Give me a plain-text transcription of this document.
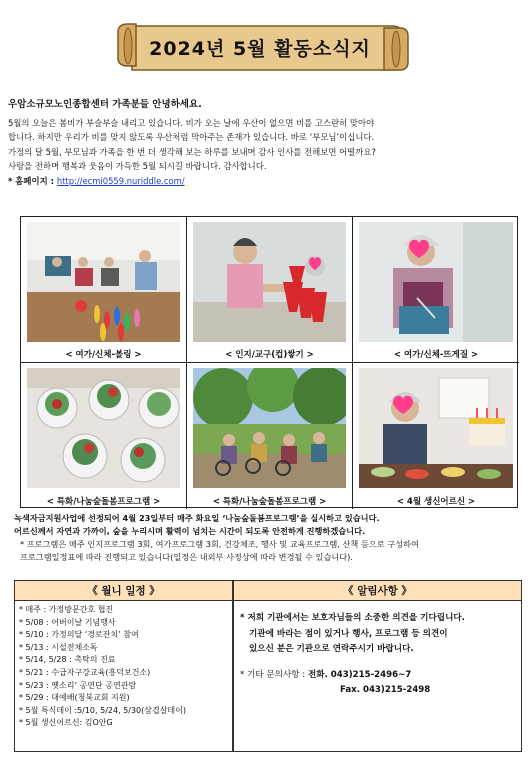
2024년 5월 활동소식지

우암소규모노인종합센터 가족분들 안녕하세요.

5월의 오늘은 봄비가 부슬부슬 내리고 있습니다. 비가 오는 날에 우산이 없으면 비를 고스란히 맞아야

합니다. 하지만 우리가 비를 맞지 않도록 우산처럼 막아주는 존재가 있습니다. 바로 ‘부모님’이십니다.

가정의 달 5월, 부모님과 가족을 한 번 더 생각해 보는 하루를 보내며 감사 인사를 전해보면 어떨까요?

사랑을 전하며 행복과 웃음이 가득한 5월 되시길 바랍니다. 감사합니다.

* 홈페이지 : http://ecmi0559.nuriddle.com/

< 여가/신체-볼링 >	< 인지/교구(컵)쌓기 >	< 여가/신체-뜨게질 >
< 특화/나눔숲돌봄프로그램 >	< 특화/나눔숲돌봄프로그램 >	< 4월 생신어르신 >

녹색자금지원사업에 선정되어 4월 23일부터 매주 화요일 ‘나눔숲돌봄프로그램’을 실시하고 있습니다.

어르신께서 자연과 가까이, 숲을 누리시며 활력이 넘치는 시간이 되도록 안전하게 진행하겠습니다.

* 프로그램은 매주 인지프로그램 3회, 여가프로그램 3회, 건강체조, 행사 및 교육프로그램, 산책 등으로 구성하여

프로그램일정표에 따라 진행되고 있습니다(일정은 내외부 사정상에 따라 변경될 수 있습니다).

《 월니 일정 》
* 매주 : 가정방문간호 협진
* 5/08 : 어버이날 기념행사
* 5/10 : 가정의달 ‘경로잔치’ 참여
* 5/13 : 시설전체소독
* 5/14, 5/28 : 촉탁의 진료
* 5/21 : 수급자구강교육(흥덕보건소)
* 5/23 : 옛소리’ 공연단 공연관람
* 5/29 : 대예배(청북교회 지원)
* 5월 특식데이 :5/10, 5/24, 5/30(삼겹살데이)
* 5월 생신어르신: 김O안G
《 알림사항 》

* 저희 기관에서는 보호자님들의 소중한 의견을 기다립니다.

기관에 바라는 점이 있거나 행사, 프로그램 등 의견이

있으신 분은 기관으로 연락주시기 바랍니다.

* 기타 문의사항 : 전화. 043)215-2496~7

Fax. 043)215-2498
